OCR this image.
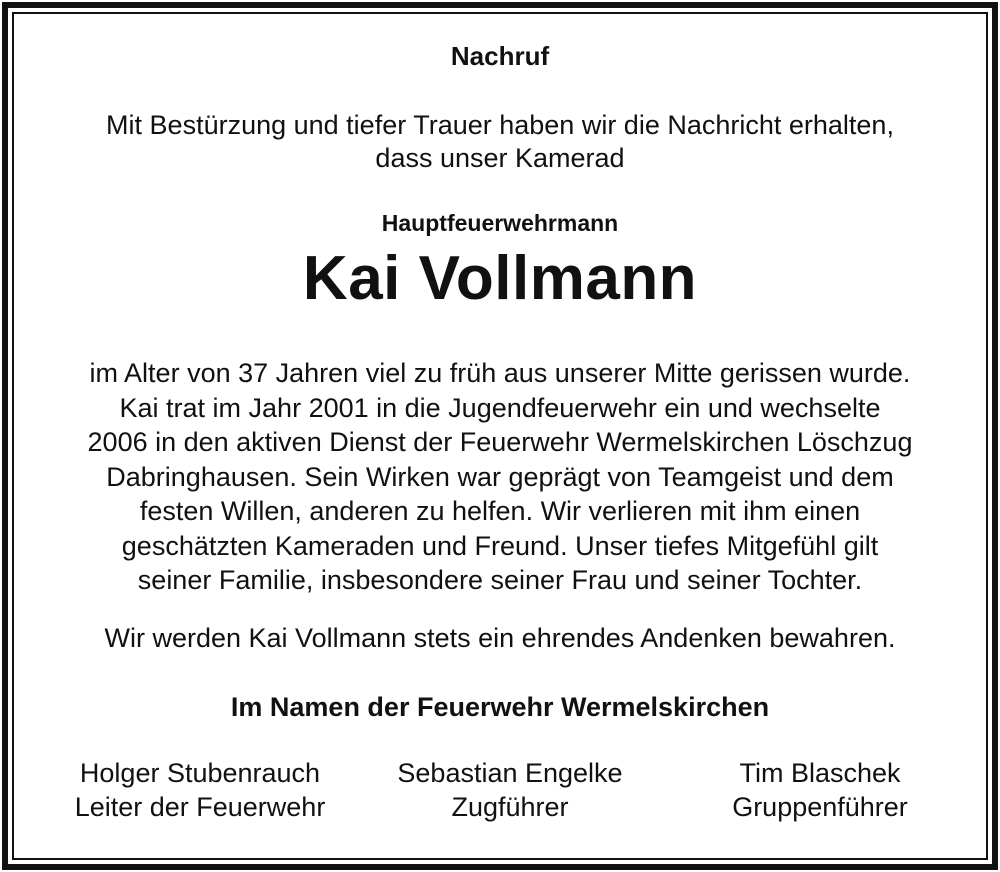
Nachruf
Mit Bestürzung und tiefer Trauer haben wir die Nachricht erhalten,
dass unser Kamerad
Hauptfeuerwehrmann
Kai Vollmann
im Alter von 37 Jahren viel zu früh aus unserer Mitte gerissen wurde.
Kai trat im Jahr 2001 in die Jugendfeuerwehr ein und wechselte
2006 in den aktiven Dienst der Feuerwehr Wermelskirchen Löschzug
Dabringhausen. Sein Wirken war geprägt von Teamgeist und dem
festen Willen, anderen zu helfen. Wir verlieren mit ihm einen
geschätzten Kameraden und Freund. Unser tiefes Mitgefühl gilt
seiner Familie, insbesondere seiner Frau und seiner Tochter.
Wir werden Kai Vollmann stets ein ehrendes Andenken bewahren.
Im Namen der Feuerwehr Wermelskirchen
Holger Stubenrauch
Leiter der Feuerwehr
Sebastian Engelke
Zugführer
Tim Blaschek
Gruppenführer
